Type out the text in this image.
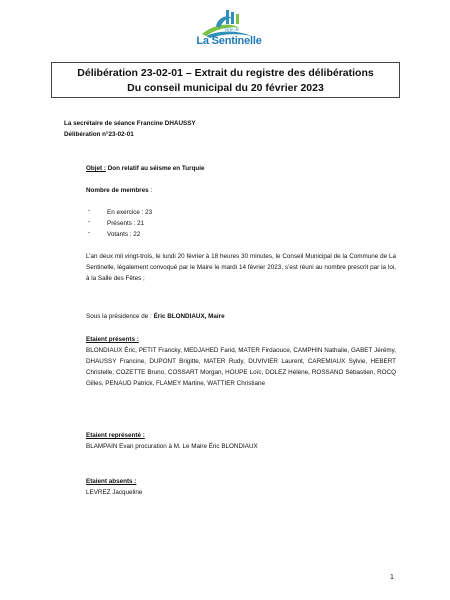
Ville de
La Sentinelle
Délibération 23-02-01 – Extrait du registre des délibérations
Du conseil municipal du 20 février 2023
La secrétaire de séance Francine DHAUSSY
Délibération n°23-02-01
Objet : Don relatif au séisme en Turquie
Nombre de membres :
-	En exercice : 23
-	Présents : 21
-	Votants : 22
L’an deux mil vingt-trois, le lundi 20 février à 18 heures 30 minutes, le Conseil Municipal de la Commune de La Sentinelle, légalement convoqué par le Maire le mardi 14 février 2023, s’est réuni au nombre prescrit par la loi, à la Salle des Fêtes ;
Sous la présidence de : Éric BLONDIAUX, Maire
Etaient présents :
BLONDIAUX Éric, PETIT Francky, MEDJAHED Farid, MATER Firdaouce, CAMPHIN Nathalie, GABET Jérémy, DHAUSSY Francine, DUPONT Brigitte, MATER Rudy, DUVIVIER Laurent, CAREMIAUX Sylvie, HEBERT Christelle, COZETTE Bruno, COSSART Morgan, HOUPE Loïc, DOLEZ Hélène, ROSSANO Sébastien, ROCQ Gilles, PENAUD Patrick, FLAMEY Martine, WATTIER Christiane
Etaient représenté :
BLAMPAIN Evan procuration à M. Le Maire Éric BLONDIAUX
Etaient absents :
LEVREZ Jacqueline
1
